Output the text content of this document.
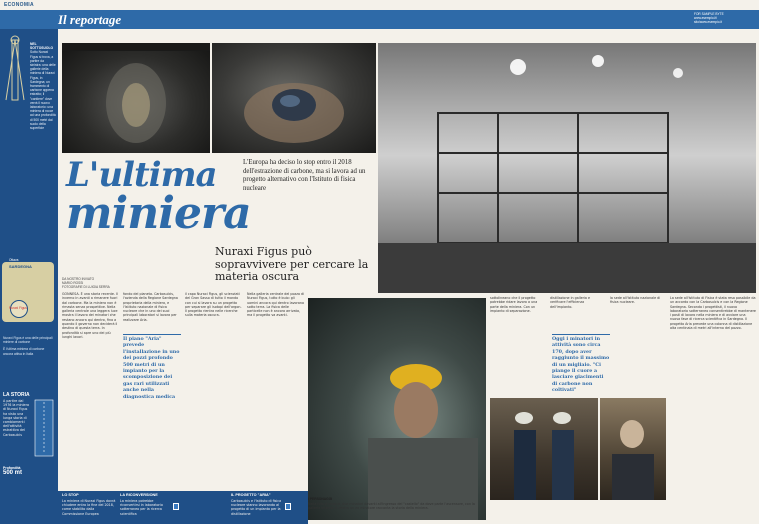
ECONOMIA
Il reportage	FOR SAMPLE BYTE
www.esempio.it/
sito/www.esempio.it
NEL SOTTOSUOLO
Sotto Nuraxi Figus si trova, a partire da sinistra: una delle gallerie della miniera di Nuraxi Figus, in Sardegna; un frammento di carbone appena estratto; il "cantiere" dove verrà il nuovo laboratorio: una miniera di rocce ad una profondità di 500 metri dal suolo della superficie
Ottava
SARDEGNA
Nuraxi Figus
Nuraxi Figus è una delle principali miniere di carbone
È l'ultima miniera di carbone ancora attiva in Italia
LA STORIA
A partire dal 1976 la miniera di Nuraxi Figus ha visto una lunga storia di cambiamenti dell'attività estrattiva del Carbosulcis
Profondità
500 mt
L'ultima
miniera
L'Europa ha deciso lo stop entro il 2018 dell'estrazione di carbone, ma si lavora ad un progetto alternativo con l'Istituto di fisica nucleare
Nuraxi Figus può sopravvivere per cercare la materia oscura
DA NOSTRO INVIATO
MARIO ROSSI
FOTOGRAFIE DI LUIGIA SERRA
GONNESA. È una storia recente. Il inverno in avanti a rimanere fuori dal carbone. Ma la miniera non è rimasta senza prospettive. Nella galleria centrale una leggera luce mostra il lavoro dei minatori che restano ancora qui dentro, fino a quando il governo non deciderà il destino di questa terra. In profondità si apre uno dei più lunghi lavori.
fondo del pianeta. Carbosulcis, l'azienda della Regione Sardegna proprietaria della miniera, e l'Istituto nazionale di fisica nucleare che in uno dei suoi principali laboratori si lavora per realizzare Aria.
Il piano "Aria" prevede l'installazione in uno dei pozzi profondo 500 metri di un impianto per la scomposizione dei gas rari utilizzati anche nella diagnostica medica
il capo Nuraxi Figus, gli scienziati del Gran Sasso di tutto il mondo con cui si lavora su un progetto per separare gli isotopi dell'argon. Il progetto rientra nelle ricerche sulla materia oscura.
Nella galleria centrale del pozzo di Nuraxi Figus, tutto è buio: gli uomini ancora qui dentro lavorano sotto terra. La fisica delle particelle non è ancora arrivata, ma il progetto va avanti.
sottolineano che il progetto potrebbe ridare lavoro a una parte della miniera. Con un impianto di separazione.
distillazione in galleria e verificare l'efficienza dell'impianto.
Oggi i minatori in attività sono circa 170, dopo aver raggiunto il massimo di un migliaio. "Ci piange il cuore a lasciare giacimenti di carbone non coltivati"
la sede all'Istituto nazionale di fisica nucleare.
La sede all'Istituto di Fisica è stata resa possibile da un accordo con la Carbosulcis e con la Regione Sardegna. Secondo i progettisti, il nuovo laboratorio sotterraneo consentirebbe di mantenere i posti di lavoro nella miniera e di avviare una nuova fase di ricerca scientifica in Sardegna. Il progetto Aria prevede una colonna di distillazione alta centinaia di metri all'interno del pozzo.
LO STOP
La miniera di Nuraxi Figus dovrà chiudere entro la fine del 2018, come stabilito dalla Commissione Europea
LA RICONVERSIONE
La miniera potrebbe riconvertirsi in laboratorio sotterraneo per la ricerca scientifica
IL PROGETTO "ARIA"
Carbosulcis e l'Istituto di fisica nucleare stanno lavorando al progetto di un impianto per la distillazione
I PERSONAGGI
Nella foto a sinistra, due minatori davanti all'ingresso del "castello" da dove parte l'ascensore, con la galleria interna. A destra un ex minatore racconta la storia della miniera.
